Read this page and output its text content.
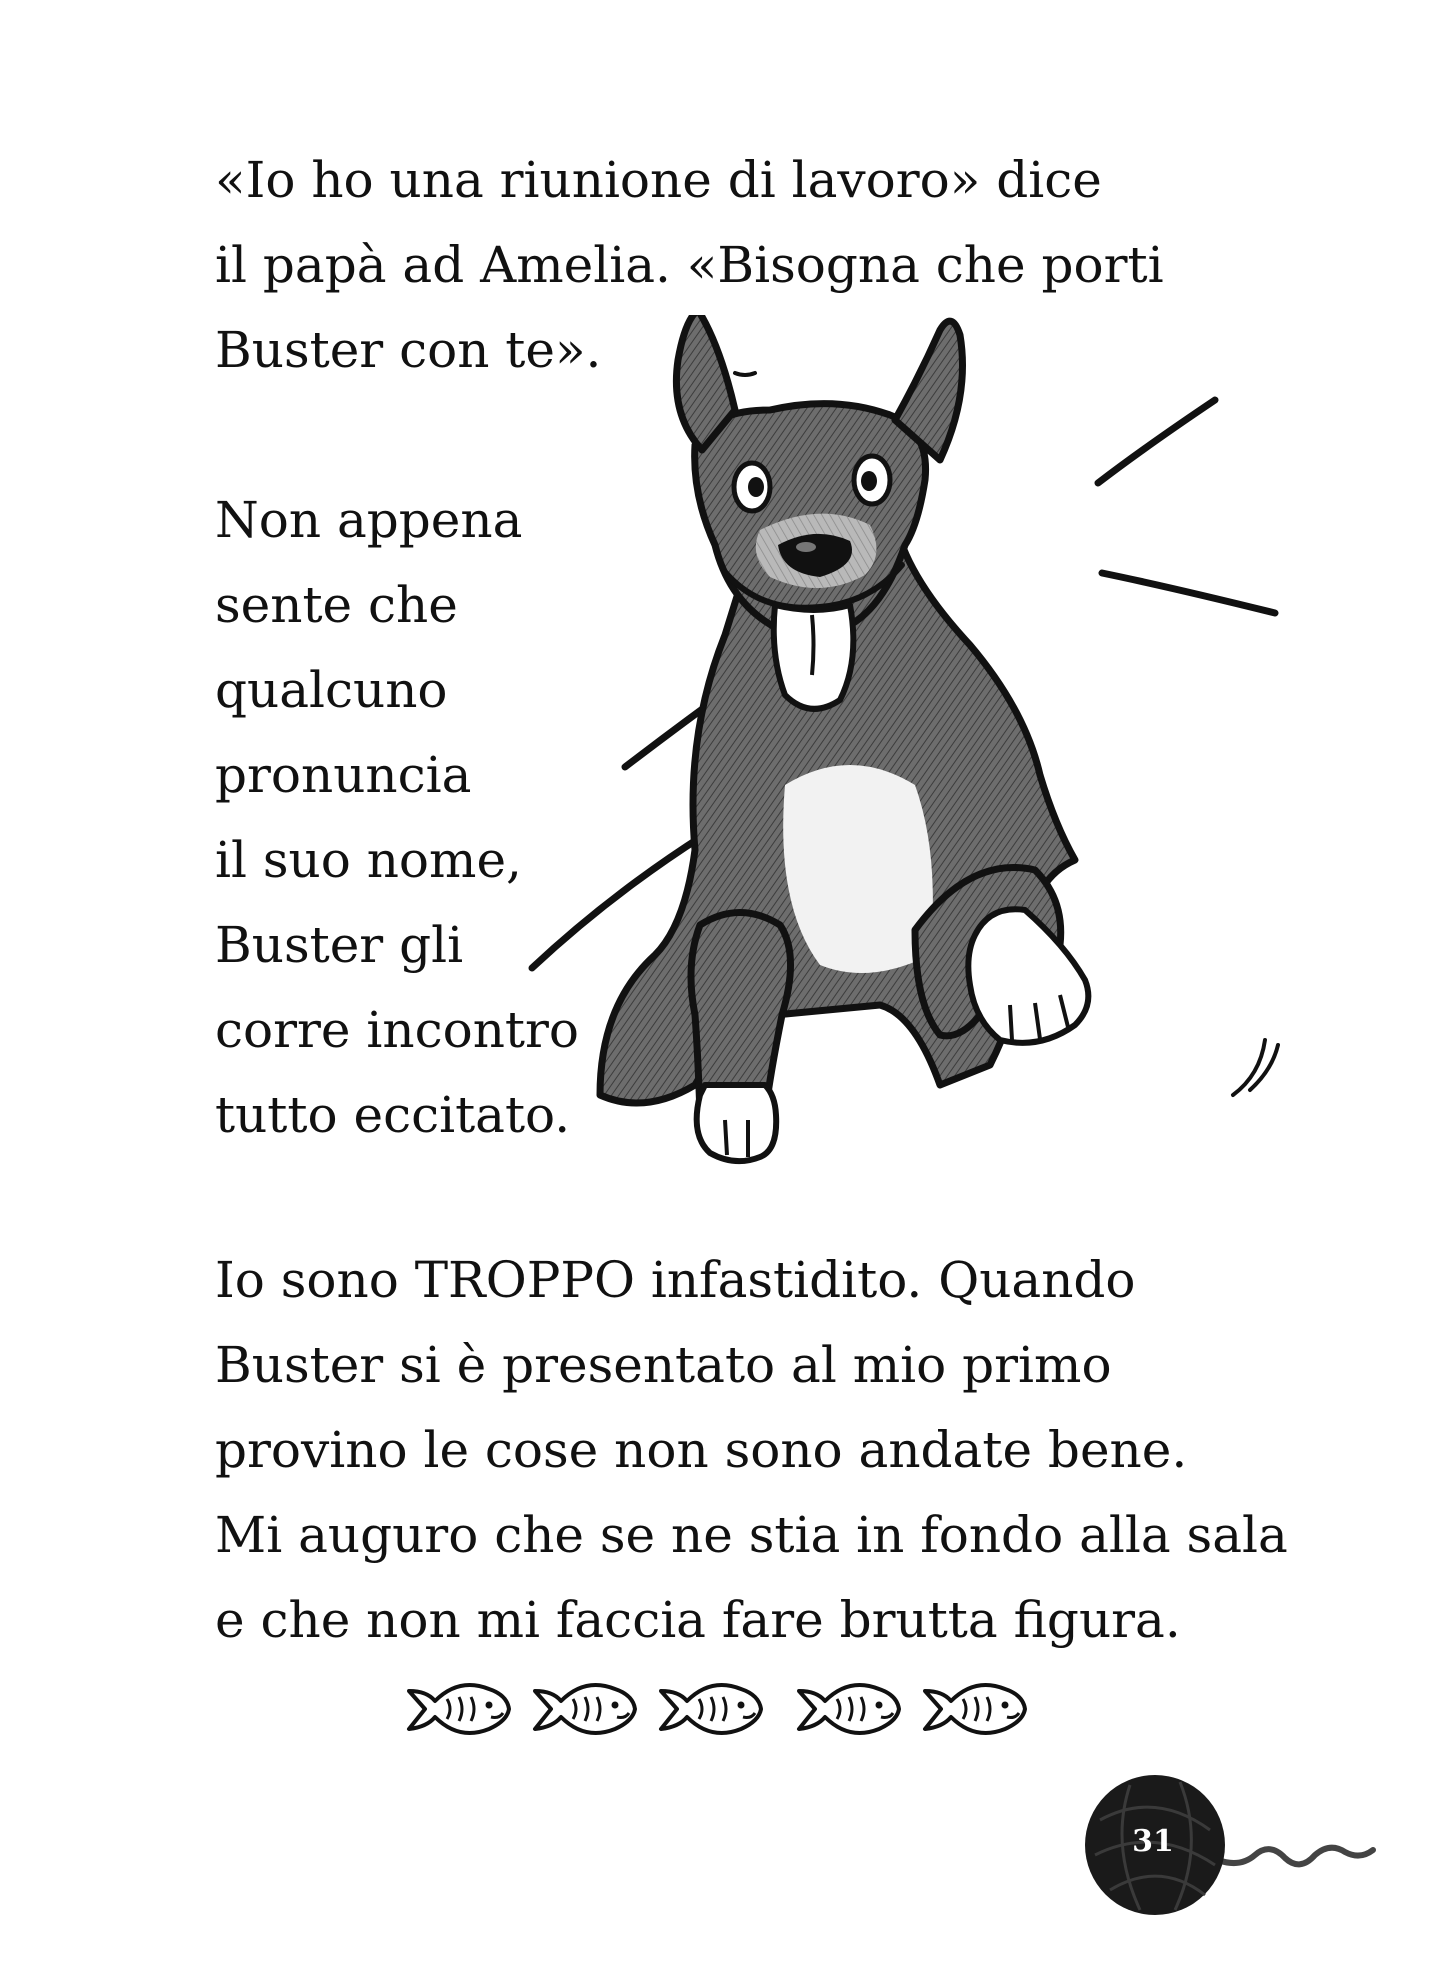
«Io ho una riunione di lavoro» dice
il papà ad Amelia. «Bisogna che porti
Buster con te».
Non appena
sente che
qualcuno
pronuncia
il suo nome,
Buster gli
corre incontro
tutto eccitato.
Io sono TROPPO infastidito. Quando
Buster si è presentato al mio primo
provino le cose non sono andate bene.
Mi auguro che se ne stia in fondo alla sala
e che non mi faccia fare brutta figura.
31
